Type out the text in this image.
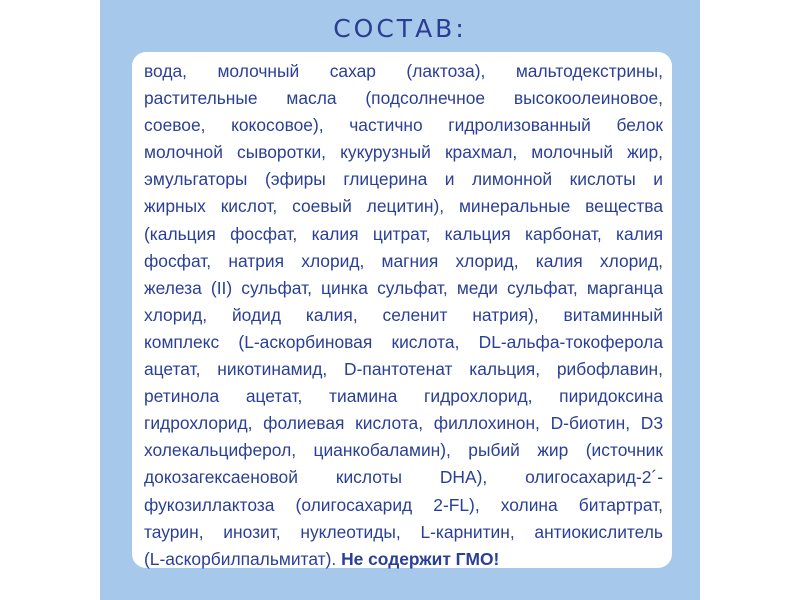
СОСТАВ:

вода, молочный сахар (лактоза), мальтодекстрины,
растительные масла (подсолнечное высокоолеиновое,
соевое, кокосовое), частично гидролизованный белок
молочной сыворотки, кукурузный крахмал, молочный жир,
эмульгаторы (эфиры глицерина и лимонной кислоты и
жирных кислот, соевый лецитин), минеральные вещества
(кальция фосфат, калия цитрат, кальция карбонат, калия
фосфат, натрия хлорид, магния хлорид, калия хлорид,
железа (II) сульфат, цинка сульфат, меди сульфат, марганца
хлорид, йодид калия, селенит натрия), витаминный
комплекс (L-аскорбиновая кислота, DL-альфа-токоферола
ацетат, никотинамид, D-пантотенат кальция, рибофлавин,
ретинола ацетат, тиамина гидрохлорид, пиридоксина
гидрохлорид, фолиевая кислота, филлохинон, D-биотин, D3
холекальциферол, цианкобаламин), рыбий жир (источник
докозагексаеновой кислоты DHA), олигосахарид-2´-
фукозиллактоза (олигосахарид 2-FL), холина битартрат,
таурин, инозит, нуклеотиды, L-карнитин, антиокислитель
(L-аскорбилпальмитат). Не содержит ГМО!
